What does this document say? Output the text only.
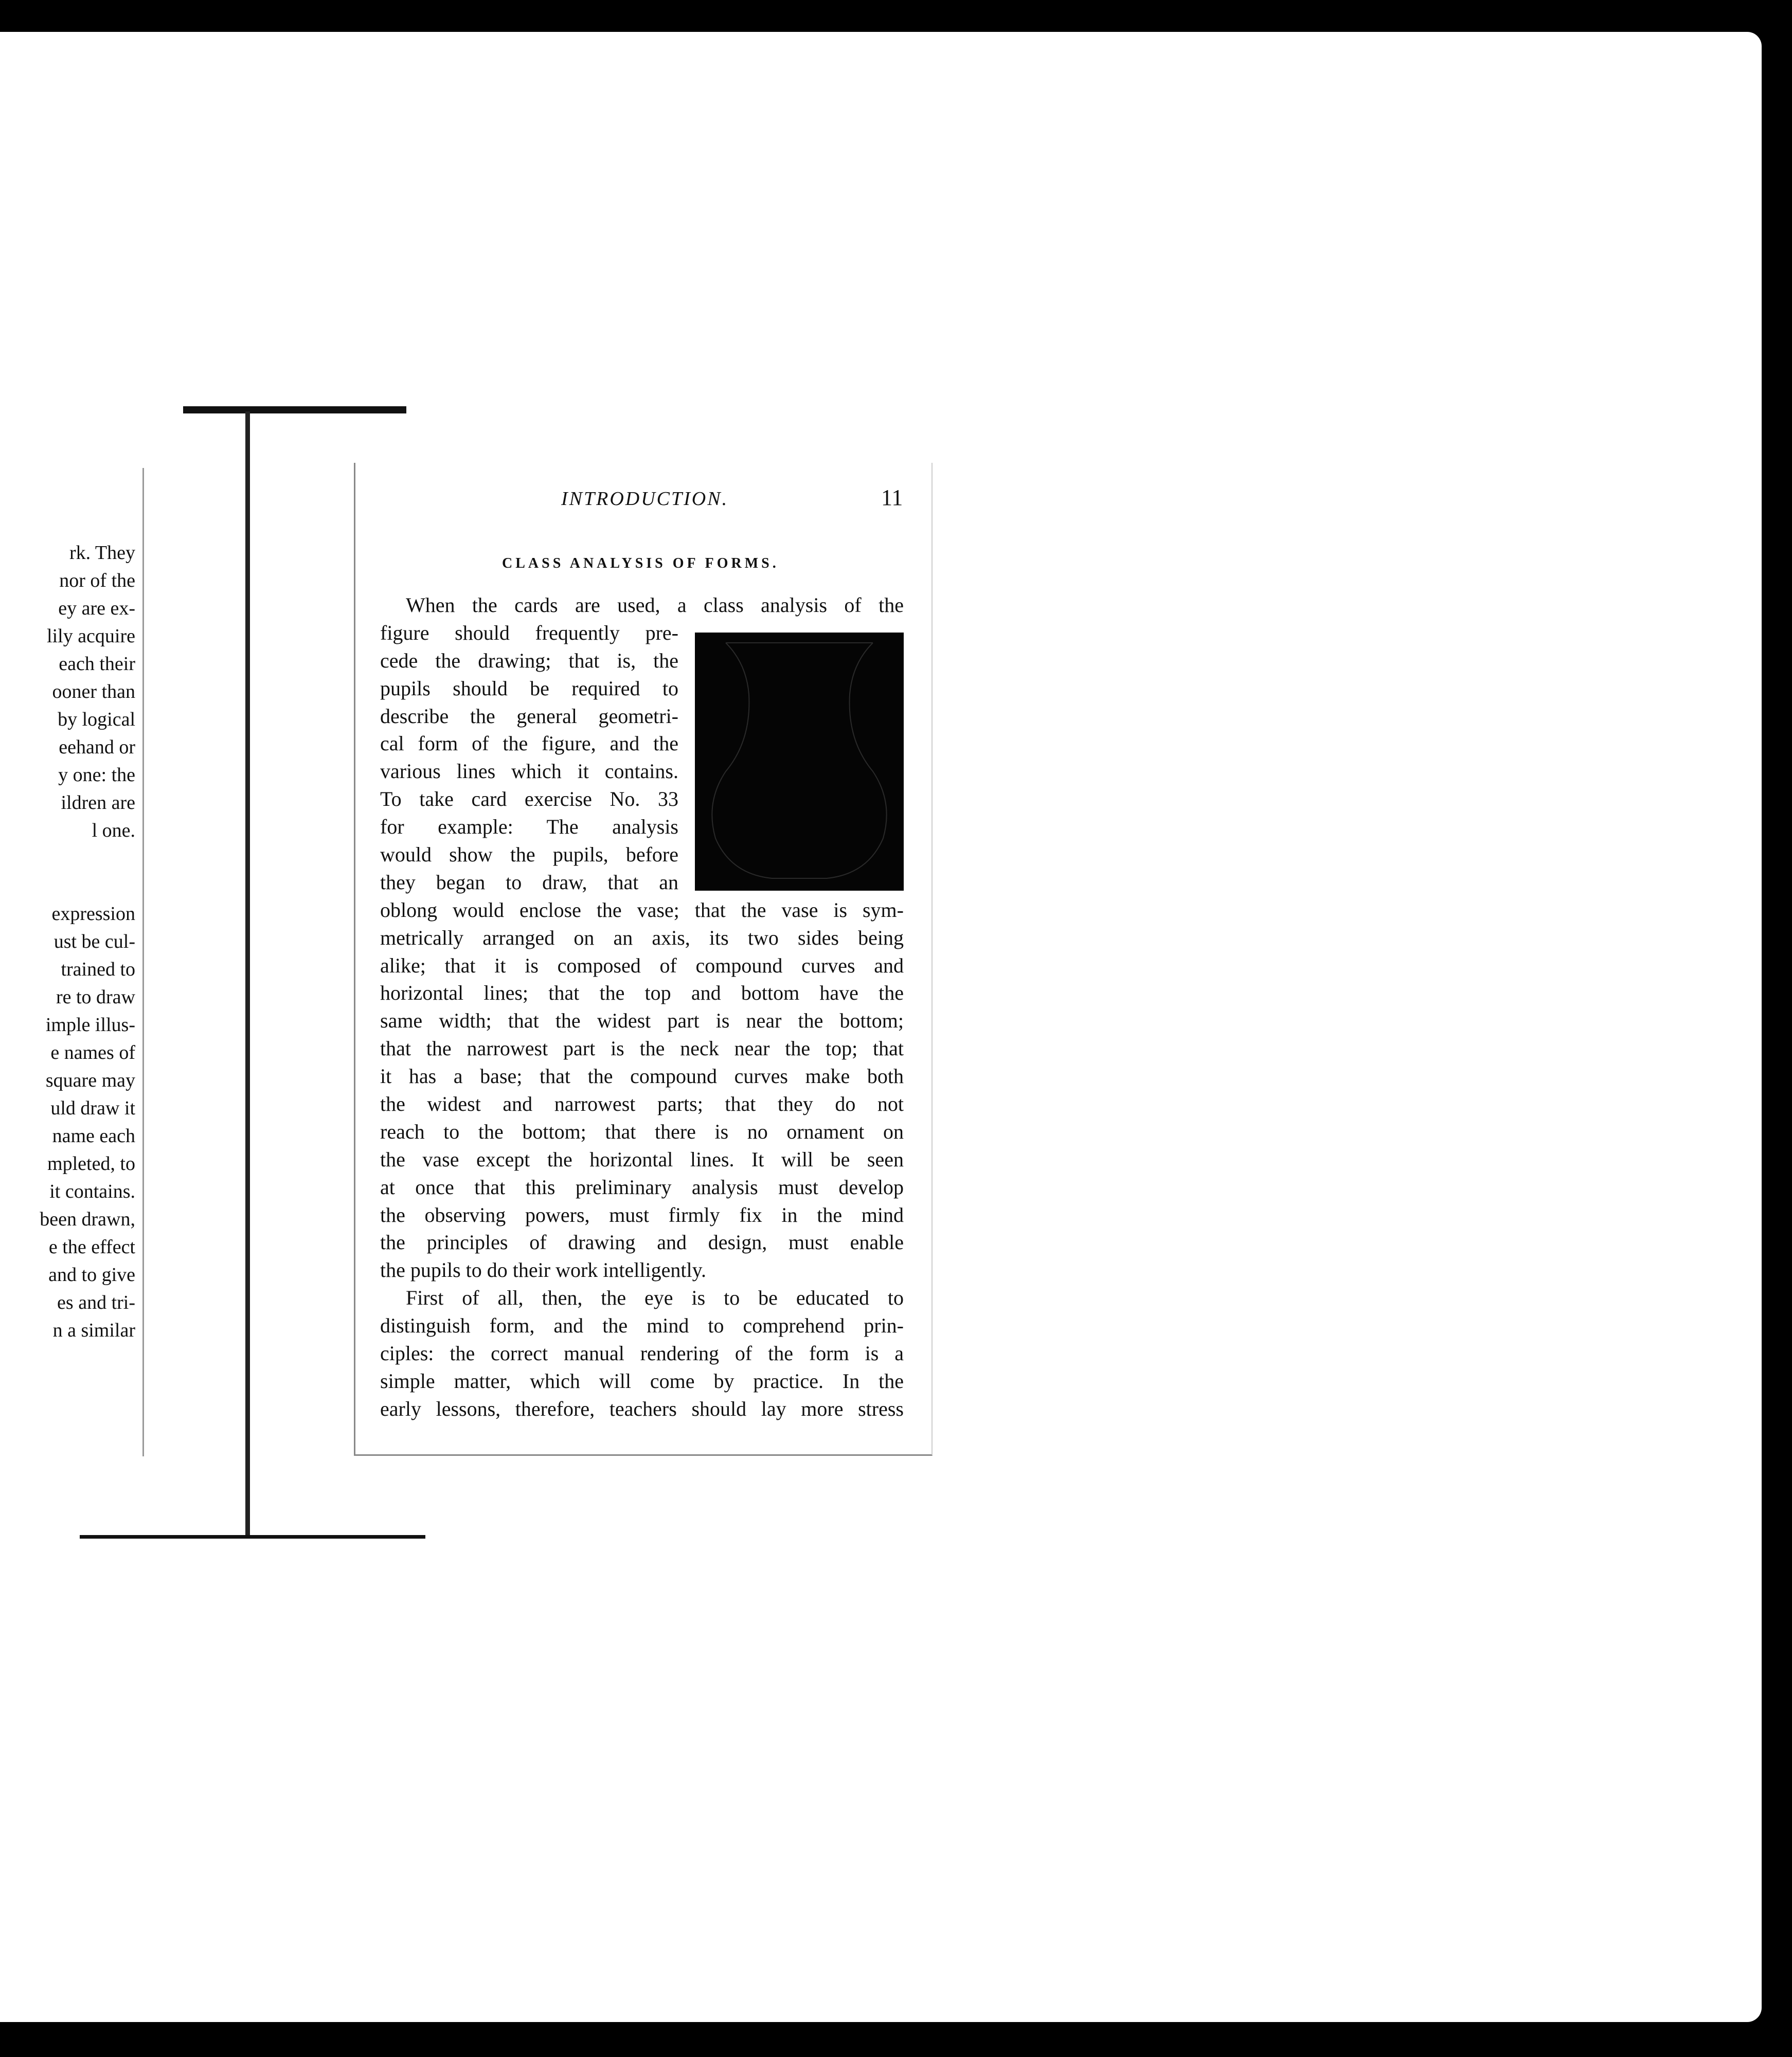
rk. They
nor of the
ey are ex-
lily acquire
each their
ooner than
by logical
eehand or
y one: the
ildren are
l one.
expression
ust be cul-
trained to
re to draw
imple illus-
e names of
square may
uld draw it
name each
mpleted, to
it contains.
been drawn,
e the effect
and to give
es and tri-
n a similar
INTRODUCTION.	11
CLASS ANALYSIS OF FORMS.
When the cards are used, a class analysis of the
figure should frequently pre-
cede the drawing; that is, the
pupils should be required to
describe the general geometri-
cal form of the figure, and the
various lines which it contains.
To take card exercise No. 33
for example: The analysis
would show the pupils, before
they began to draw, that an
oblong would enclose the vase; that the vase is sym-
metrically arranged on an axis, its two sides being
alike; that it is composed of compound curves and
horizontal lines; that the top and bottom have the
same width; that the widest part is near the bottom;
that the narrowest part is the neck near the top; that
it has a base; that the compound curves make both
the widest and narrowest parts; that they do not
reach to the bottom; that there is no ornament on
the vase except the horizontal lines. It will be seen
at once that this preliminary analysis must develop
the observing powers, must firmly fix in the mind
the principles of drawing and design, must enable
the pupils to do their work intelligently.
First of all, then, the eye is to be educated to
distinguish form, and the mind to comprehend prin-
ciples: the correct manual rendering of the form is a
simple matter, which will come by practice. In the
early lessons, therefore, teachers should lay more stress
